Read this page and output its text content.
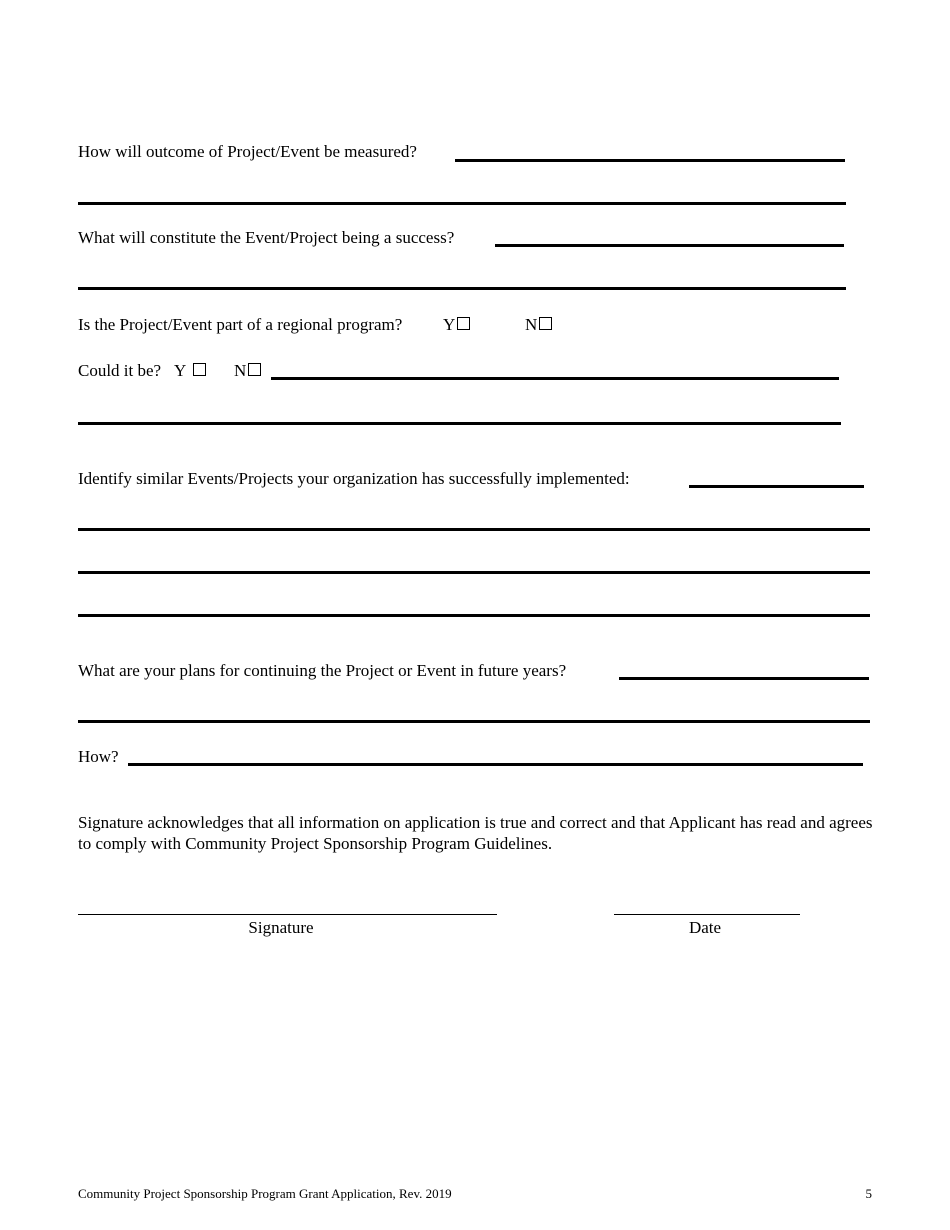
How will outcome of Project/Event be measured?
What will constitute the Event/Project being a success?
Is the Project/Event part of a regional program? Y	N
Could it be? Y	N
Identify similar Events/Projects your organization has successfully implemented:
What are your plans for continuing the Project or Event in future years?
How?
Signature acknowledges that all information on application is true and correct and that Applicant has read and agrees to comply with Community Project Sponsorship Program Guidelines.
Signature	Date
Community Project Sponsorship Program Grant Application, Rev. 2019	5
